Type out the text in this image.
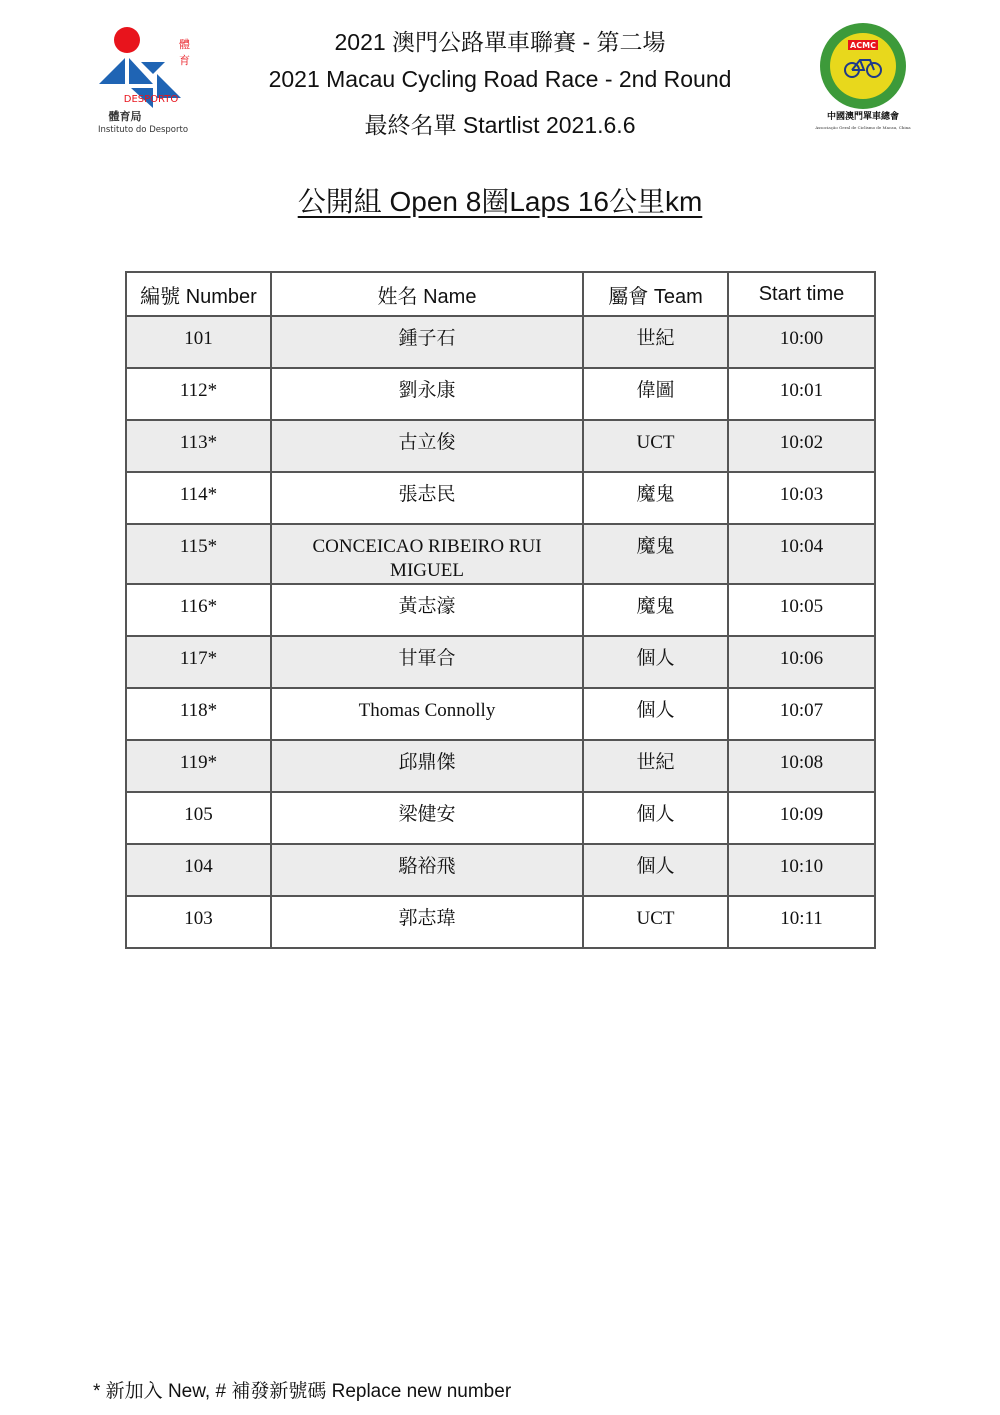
體
育
DESPORTO
體育局
Instituto do Desporto
ACMC
中國澳門單車總會
Associação Geral de Ciclismo de Macau, China
2021 澳門公路單車聯賽 - 第二場
2021 Macau Cycling Road Race - 2nd Round
最終名單 Startlist 2021.6.6
公開組 Open 8圈Laps 16公里km
編號 Number	姓名 Name	屬會 Team	Start time
101	鍾子石	世紀	10:00
112*	劉永康	偉圖	10:01
113*	古立俊	UCT	10:02
114*	張志民	魔鬼	10:03
115*	CONCEICAO RIBEIRO RUI MIGUEL	魔鬼	10:04
116*	黃志濠	魔鬼	10:05
117*	甘軍合	個人	10:06
118*	Thomas Connolly	個人	10:07
119*	邱鼎傑	世紀	10:08
105	梁健安	個人	10:09
104	駱裕飛	個人	10:10
103	郭志瑋	UCT	10:11
* 新加入 New, # 補發新號碼 Replace new number
